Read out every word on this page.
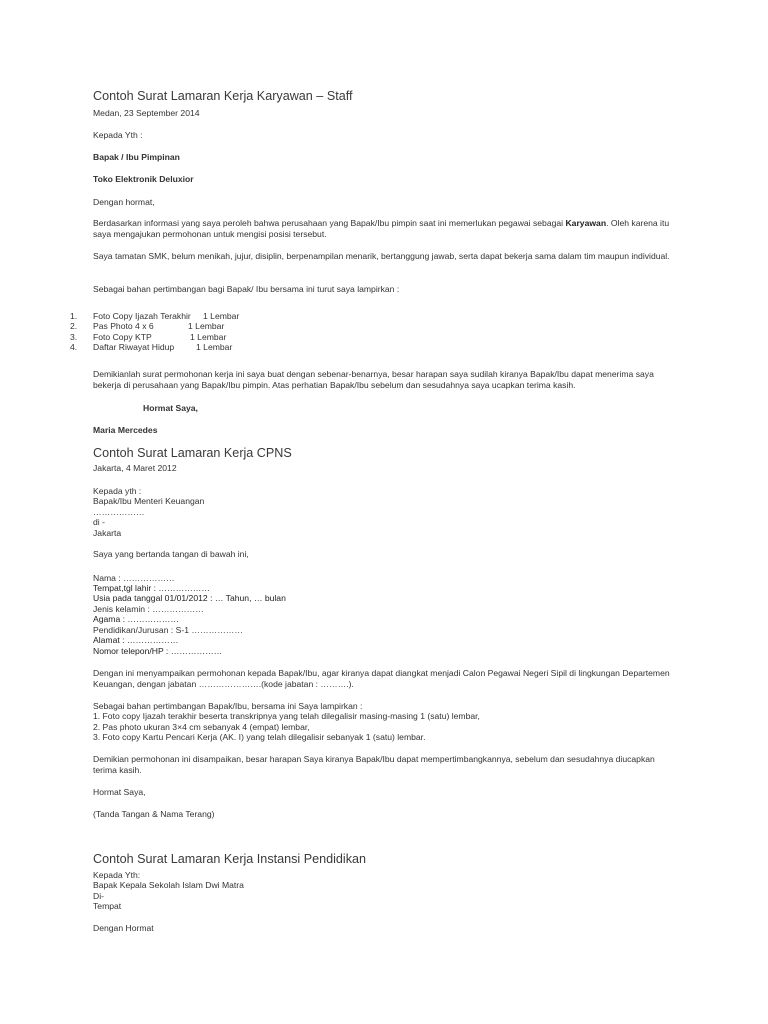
Contoh Surat Lamaran Kerja Karyawan – Staff
Medan, 23 September 2014
Kepada Yth :
Bapak / Ibu Pimpinan
Toko Elektronik Deluxior
Dengan hormat,
Berdasarkan informasi yang saya peroleh bahwa perusahaan yang Bapak/Ibu pimpin saat ini memerlukan pegawai sebagai Karyawan. Oleh karena itu saya mengajukan permohonan untuk mengisi posisi tersebut.
Saya tamatan SMK, belum menikah, jujur, disiplin, berpenampilan menarik, bertanggung jawab, serta dapat bekerja sama dalam tim maupun individual.
Sebagai bahan pertimbangan bagi Bapak/ Ibu bersama ini turut saya lampirkan :
1. Foto Copy Ijazah Terakhir 1 Lembar
2. Pas Photo 4 x 6	1 Lembar
3. Foto Copy KTP	1 Lembar
4. Daftar Riwayat Hidup	1 Lembar
Demikianlah surat permohonan kerja ini saya buat dengan sebenar-benarnya, besar harapan saya sudilah kiranya Bapak/Ibu dapat menerima saya bekerja di perusahaan yang Bapak/Ibu pimpin. Atas perhatian Bapak/Ibu sebelum dan sesudahnya saya ucapkan terima kasih.
Hormat Saya,
Maria Mercedes
Contoh Surat Lamaran Kerja CPNS
Jakarta, 4 Maret 2012
Kepada yth :
Bapak/Ibu Menteri Keuangan
………………
di -
Jakarta
Saya yang bertanda tangan di bawah ini,
Nama : ………………
Tempat,tgl lahir : ………………
Usia pada tanggal 01/01/2012 : … Tahun, … bulan
Jenis kelamin : ………………
Agama : ………………
Pendidikan/Jurusan : S-1 ………………
Alamat : ………………
Nomor telepon/HP : ………………
Dengan ini menyampaikan permohonan kepada Bapak/Ibu, agar kiranya dapat diangkat menjadi Calon Pegawai Negeri Sipil di lingkungan Departemen Keuangan, dengan jabatan ………………….(kode jabatan : ……….).
Sebagai bahan pertimbangan Bapak/Ibu, bersama ini Saya lampirkan :
1. Foto copy Ijazah terakhir beserta transkripnya yang telah dilegalisir masing-masing 1 (satu) lembar,
2. Pas photo ukuran 3×4 cm sebanyak 4 (empat) lembar,
3. Foto copy Kartu Pencari Kerja (AK. I) yang telah dilegalisir sebanyak 1 (satu) lembar.
Demikian permohonan ini disampaikan, besar harapan Saya kiranya Bapak/Ibu dapat mempertimbangkannya, sebelum dan sesudahnya diucapkan terima kasih.
Hormat Saya,
(Tanda Tangan & Nama Terang)
Contoh Surat Lamaran Kerja Instansi Pendidikan
Kepada Yth:
Bapak Kepala Sekolah Islam Dwi Matra
Di-
Tempat
Dengan Hormat
